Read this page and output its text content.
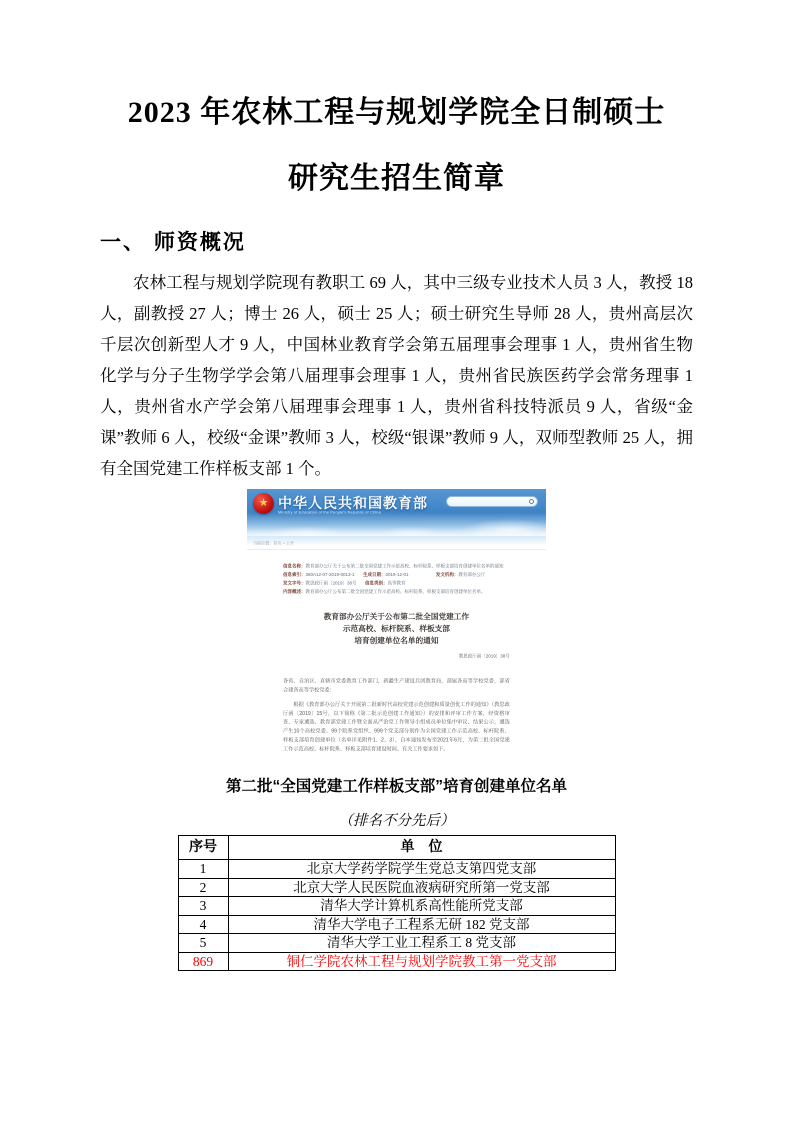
2023 年农林工程与规划学院全日制硕士
研究生招生简章
一、 师资概况

农林工程与规划学院现有教职工 69 人，其中三级专业技术人员 3 人，教授 18 人，副教授 27 人；博士 26 人，硕士 25 人；硕士研究生导师 28 人，贵州高层次千层次创新型人才 9 人，中国林业教育学会第五届理事会理事 1 人，贵州省生物化学与分子生物学学会第八届理事会理事 1 人，贵州省民族医药学会常务理事 1 人，贵州省水产学会第八届理事会理事 1 人，贵州省科技特派员 9 人，省级“金课”教师 6 人，校级“金课”教师 3 人，校级“银课”教师 9 人，双师型教师 25 人，拥有全国党建工作样板支部 1 个。

★ 中华人民共和国教育部
Ministry of Education of the People's Republic of China
当前位置：首页 > 公开
信息名称：教育部办公厅关于公布第二批全国党建工作示范高校、标杆院系、样板支部培育创建单位名单的通知
信息索引：360A12-07-2019-0013-1 生成日期：2019-12-01	发文机构：教育部办公厅
发文字号：教思政厅函〔2019〕38号 信息类别：高等教育
内容概述：教育部办公厅公布第二批全国党建工作示范高校、标杆院系、样板支部培育创建单位名单。
教育部办公厅关于公布第二批全国党建工作
示范高校、标杆院系、样板支部
培育创建单位名单的通知
教思政厅函〔2019〕38号

各省、自治区、直辖市党委教育工作部门，新疆生产建设兵团教育局，部属各高等学校党委，部省合建各高等学校党委：

根据《教育部办公厅关于开展第二批新时代高校党建示范创建和质量创优工作的通知》（教思政厅函〔2019〕15号，以下简称《第二批示范创建工作通知》）的安排和评审工作方案，经资格审查、专家遴选、教育部党建工作暨全面从严治党工作领导小组成员单位集中审议、结果公示，遴选产生10个高校党委、99个院系党组织、999个党支部分别作为全国党建工作示范高校、标杆院系、样板支部培育创建单位（名单详见附件1、2、3），自本通知发布至2021年6月，为第二批全国党建工作示范高校、标杆院系、样板支部培育建设时间。有关工作要求如下。

第二批“全国党建工作样板支部”培育创建单位名单
（排名不分先后）
序号	单　位
1	北京大学药学院学生党总支第四党支部
2	北京大学人民医院血液病研究所第一党支部
3	清华大学计算机系高性能所党支部
4	清华大学电子工程系无研 182 党支部
5	清华大学工业工程系工 8 党支部
869	铜仁学院农林工程与规划学院教工第一党支部
